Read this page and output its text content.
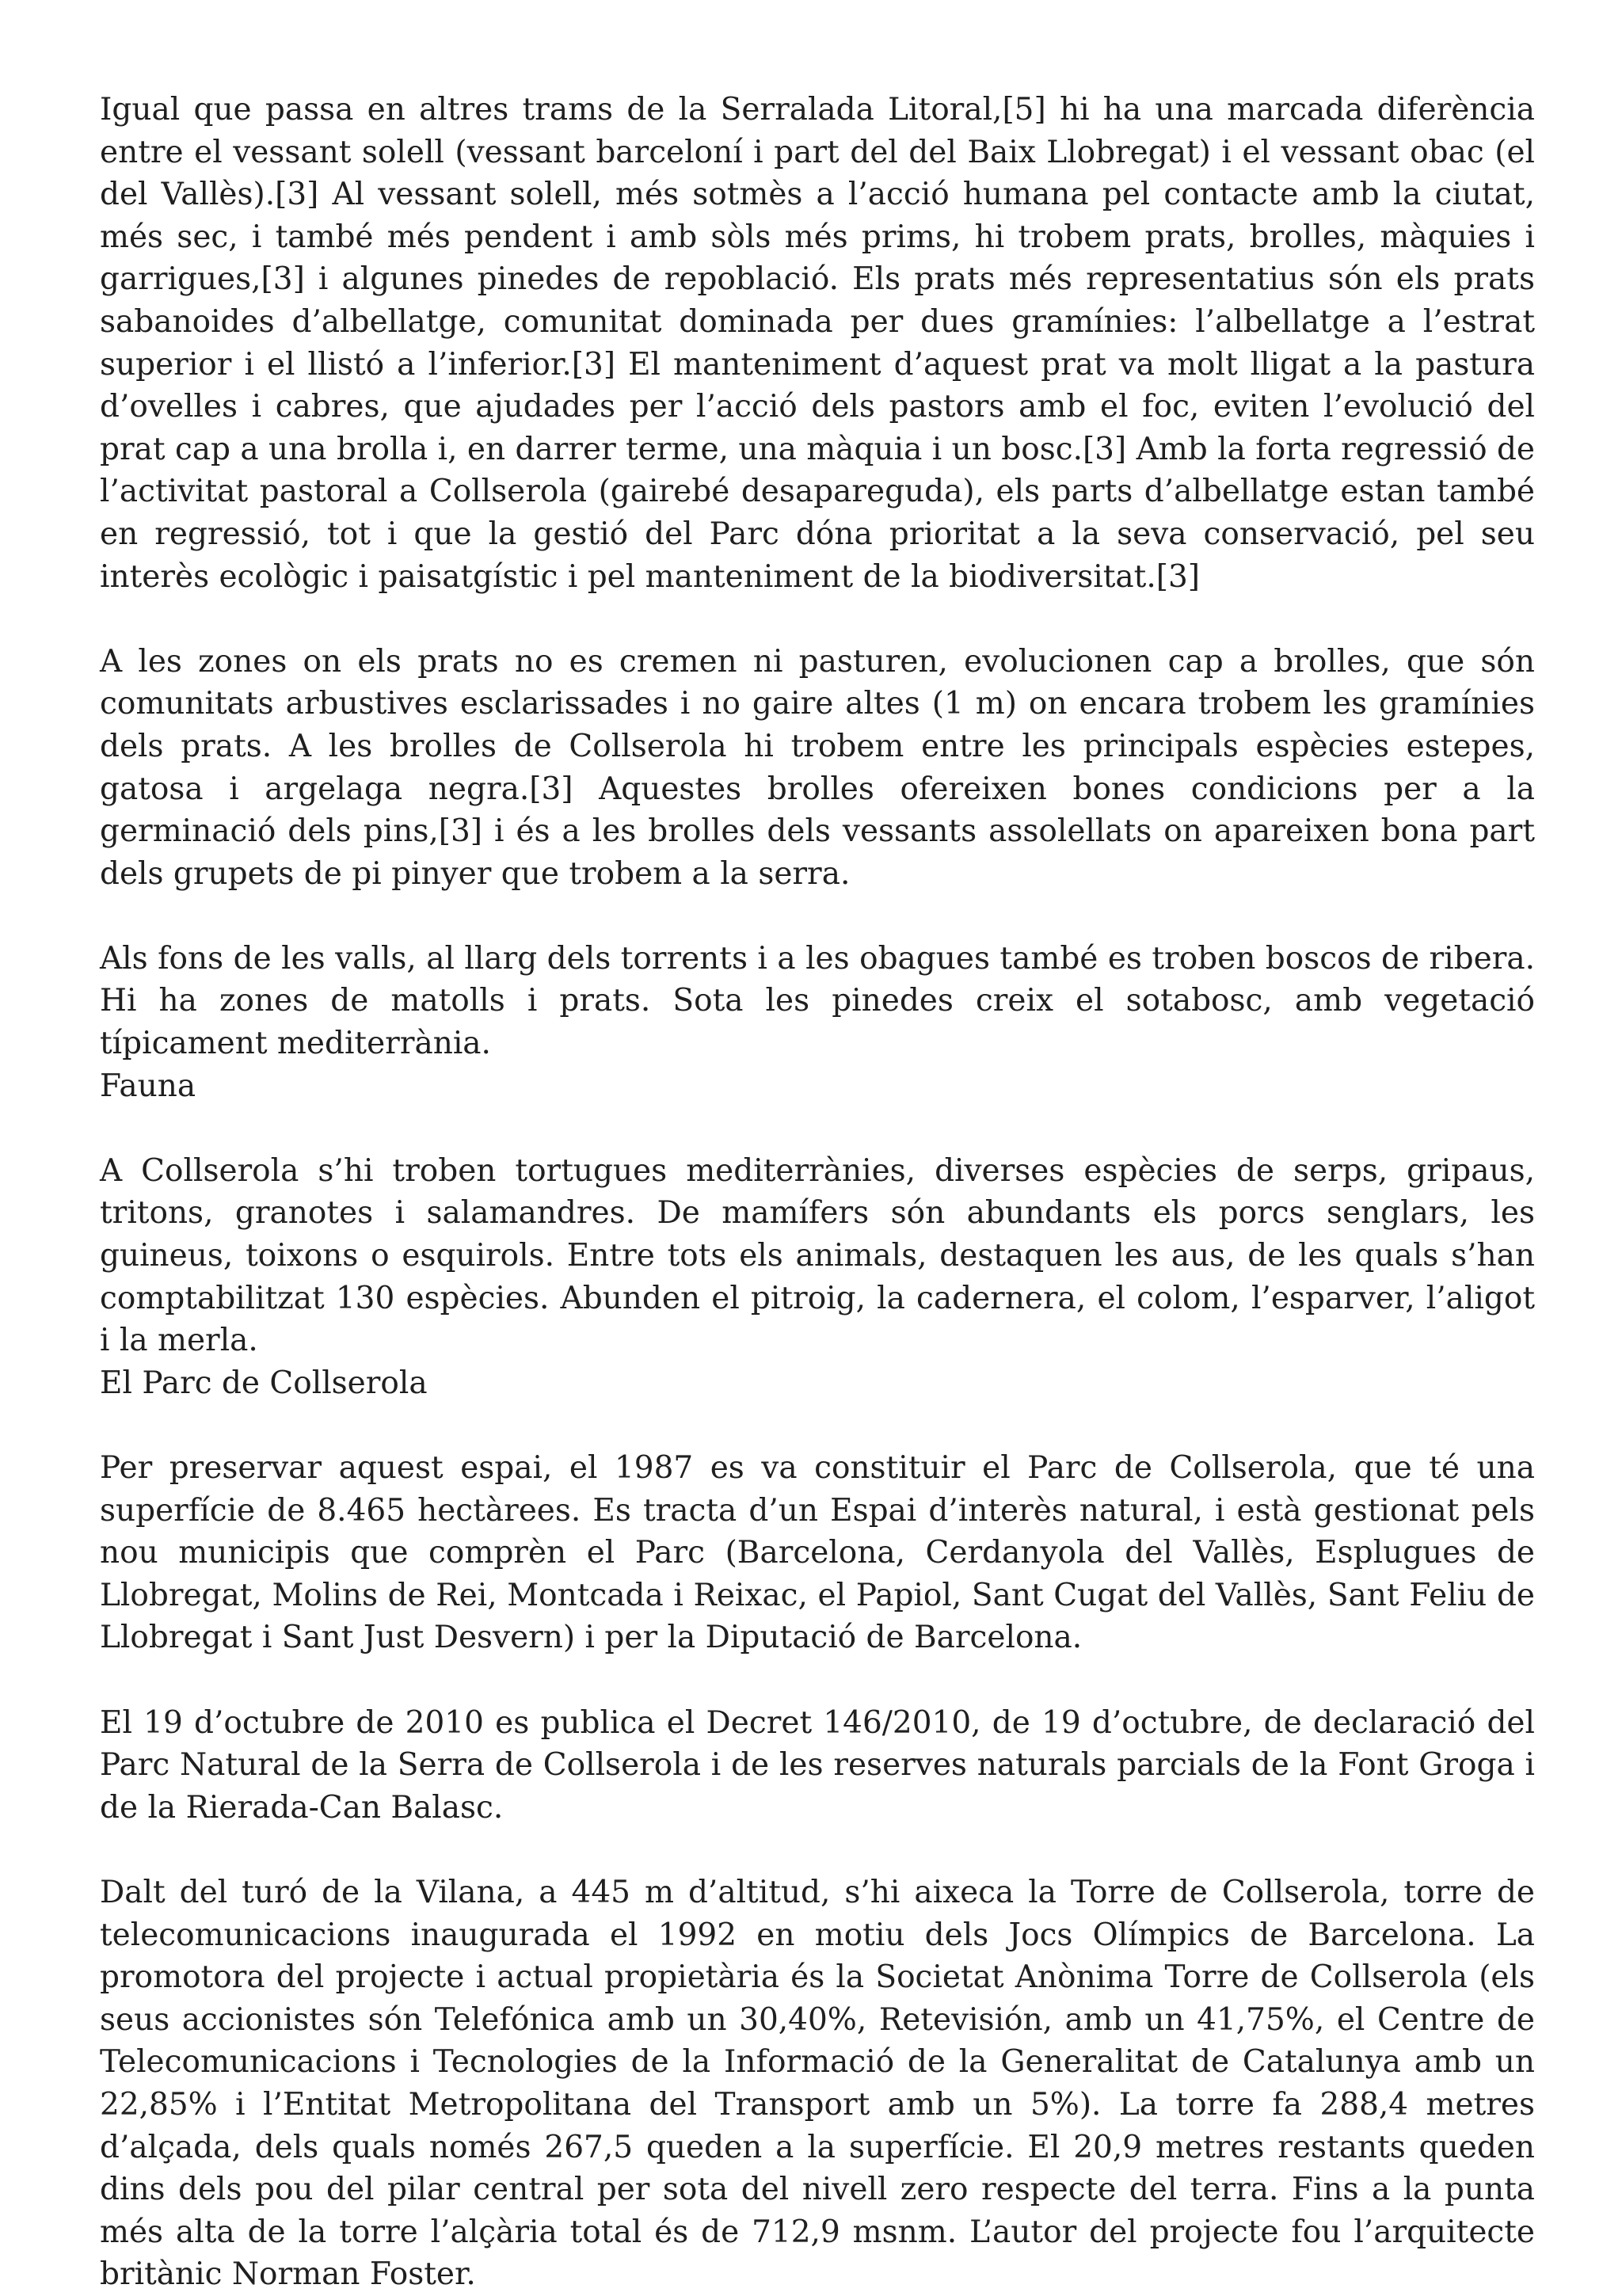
Igual que passa en altres trams de la Serralada Litoral,[5] hi ha una marcada diferència entre el vessant solell (vessant barceloní i part del del Baix Llobregat) i el vessant obac (el del Vallès).[3] Al vessant solell, més sotmès a l’acció humana pel contacte amb la ciutat, més sec, i també més pendent i amb sòls més prims, hi trobem prats, brolles, màquies i garrigues,[3] i algunes pinedes de repoblació. Els prats més representatius són els prats sabanoides d’albellatge, comunitat dominada per dues gramínies: l’albellatge a l’estrat superior i el llistó a l’inferior.[3] El manteniment d’aquest prat va molt lligat a la pastura d’ovelles i cabres, que ajudades per l’acció dels pastors amb el foc, eviten l’evolució del prat cap a una brolla i, en darrer terme, una màquia i un bosc.[3] Amb la forta regressió de l’activitat pastoral a Collserola (gairebé desapareguda), els parts d’albellatge estan també en regressió, tot i que la gestió del Parc dóna prioritat a la seva conservació, pel seu interès ecològic i paisatgístic i pel manteniment de la biodiversitat.[3]

A les zones on els prats no es cremen ni pasturen, evolucionen cap a brolles, que són comunitats arbustives esclarissades i no gaire altes (1 m) on encara trobem les gramínies dels prats. A les brolles de Collserola hi trobem entre les principals espècies estepes, gatosa i argelaga negra.[3] Aquestes brolles ofereixen bones condicions per a la germinació dels pins,[3] i és a les brolles dels vessants assolellats on apareixen bona part dels grupets de pi pinyer que trobem a la serra.

Als fons de les valls, al llarg dels torrents i a les obagues també es troben boscos de ribera. Hi ha zones de matolls i prats. Sota les pinedes creix el sotabosc, amb vegetació típicament mediterrània.

Fauna

A Collserola s’hi troben tortugues mediterrànies, diverses espècies de serps, gripaus, tritons, granotes i salamandres. De mamífers són abundants els porcs senglars, les guineus, toixons o esquirols. Entre tots els animals, destaquen les aus, de les quals s’han comptabilitzat 130 espècies. Abunden el pitroig, la cadernera, el colom, l’esparver, l’aligot i la merla.

El Parc de Collserola

Per preservar aquest espai, el 1987 es va constituir el Parc de Collserola, que té una superfície de 8.465 hectàrees. Es tracta d’un Espai d’interès natural, i està gestionat pels nou municipis que comprèn el Parc (Barcelona, Cerdanyola del Vallès, Esplugues de Llobregat, Molins de Rei, Montcada i Reixac, el Papiol, Sant Cugat del Vallès, Sant Feliu de Llobregat i Sant Just Desvern) i per la Diputació de Barcelona.

El 19 d’octubre de 2010 es publica el Decret 146/2010, de 19 d’octubre, de declaració del Parc Natural de la Serra de Collserola i de les reserves naturals parcials de la Font Groga i de la Rierada-Can Balasc.

Dalt del turó de la Vilana, a 445 m d’altitud, s’hi aixeca la Torre de Collserola, torre de telecomunicacions inaugurada el 1992 en motiu dels Jocs Olímpics de Barcelona. La promotora del projecte i actual propietària és la Societat Anònima Torre de Collserola (els seus accionistes són Telefónica amb un 30,40%, Retevisión, amb un 41,75%, el Centre de Telecomunicacions i Tecnologies de la Informació de la Generalitat de Catalunya amb un 22,85% i l’Entitat Metropolitana del Transport amb un 5%). La torre fa 288,4 metres d’alçada, dels quals només 267,5 queden a la superfície. El 20,9 metres restants queden dins dels pou del pilar central per sota del nivell zero respecte del terra. Fins a la punta més alta de la torre l’alçària total és de 712,9 msnm. L’autor del projecte fou l’arquitecte britànic Norman Foster.
